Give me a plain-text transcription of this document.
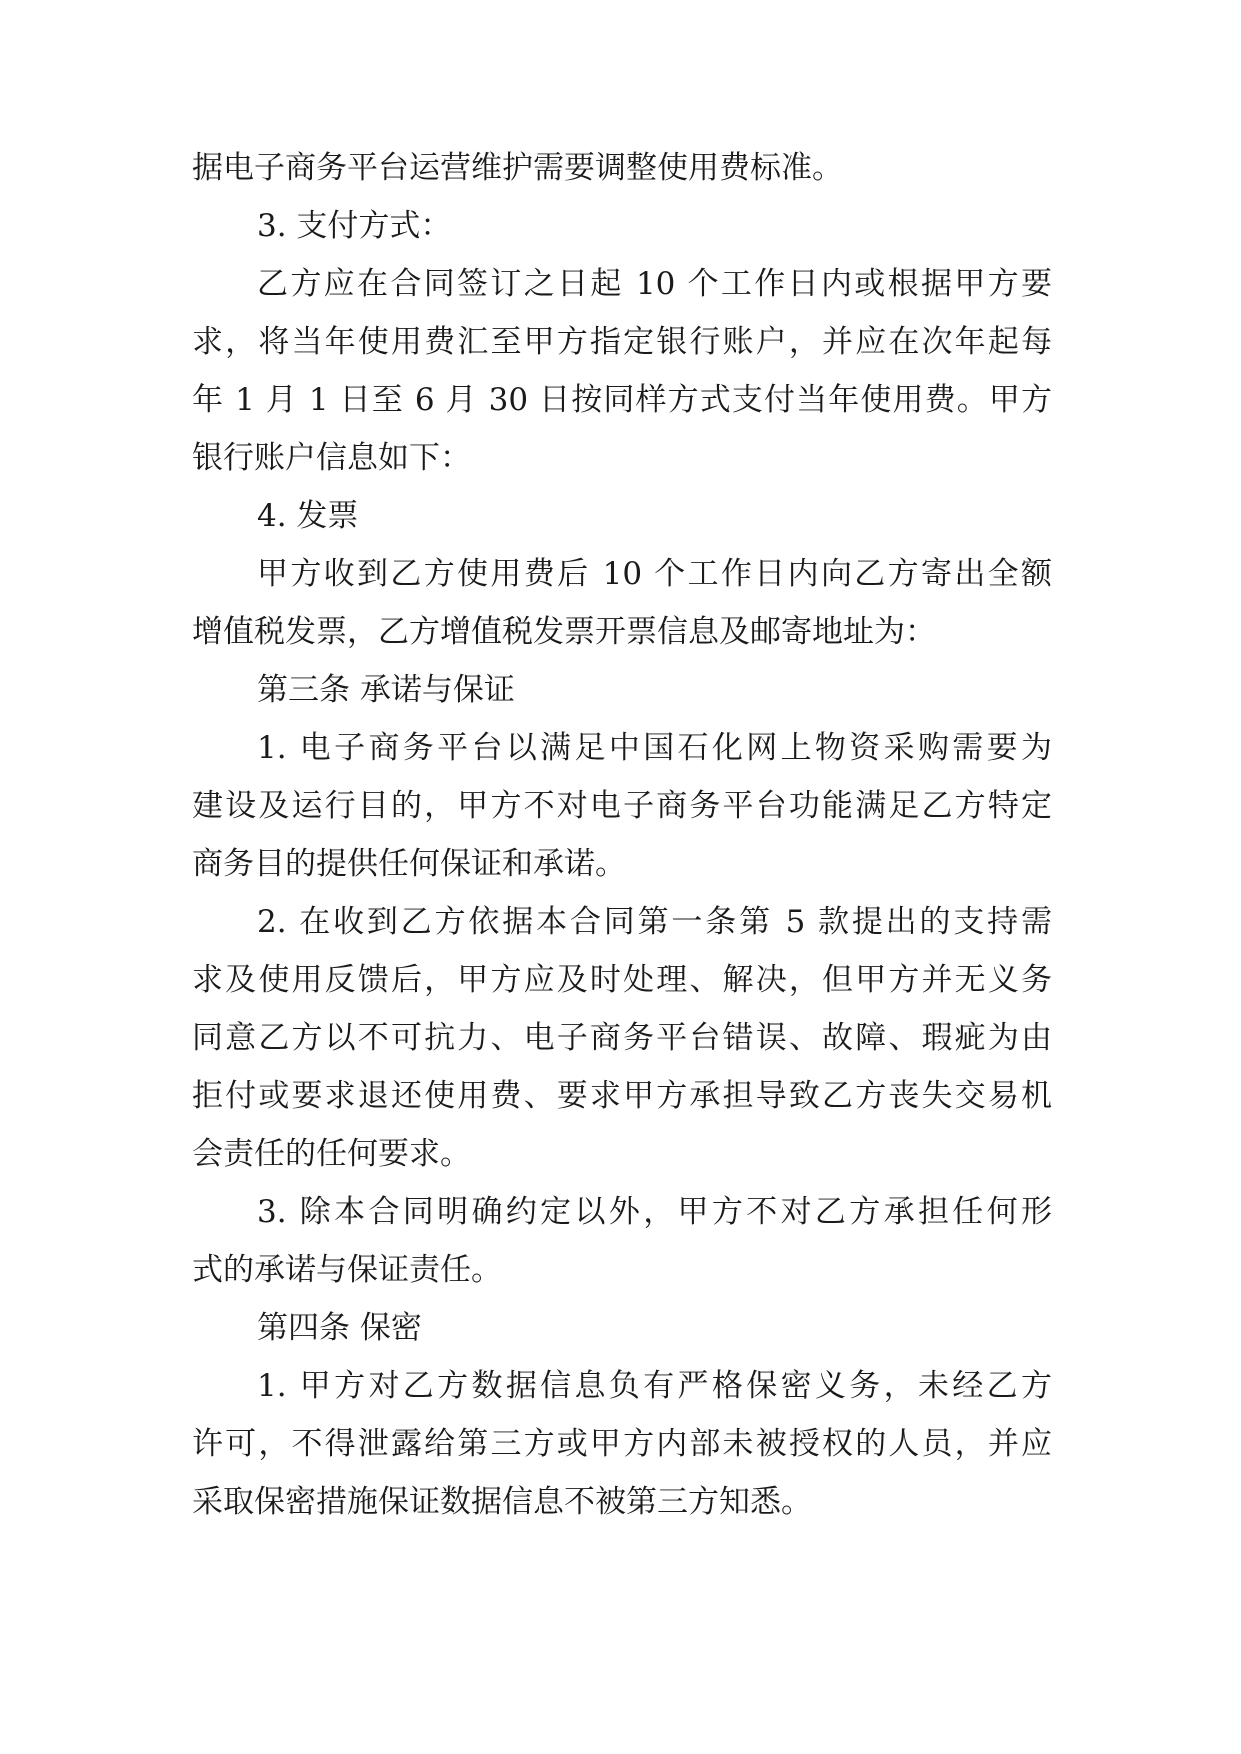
据电子商务平台运营维护需要调整使用费标准。
3. 支付方式：
乙方应在合同签订之日起 10 个工作日内或根据甲方要
求，将当年使用费汇至甲方指定银行账户，并应在次年起每
年 1 月 1 日至 6 月 30 日按同样方式支付当年使用费。甲方
银行账户信息如下：
4. 发票
甲方收到乙方使用费后 10 个工作日内向乙方寄出全额
增值税发票，乙方增值税发票开票信息及邮寄地址为：
第三条 承诺与保证
1. 电子商务平台以满足中国石化网上物资采购需要为
建设及运行目的，甲方不对电子商务平台功能满足乙方特定
商务目的提供任何保证和承诺。
2. 在收到乙方依据本合同第一条第 5 款提出的支持需
求及使用反馈后，甲方应及时处理、解决，但甲方并无义务
同意乙方以不可抗力、电子商务平台错误、故障、瑕疵为由
拒付或要求退还使用费、要求甲方承担导致乙方丧失交易机
会责任的任何要求。
3. 除本合同明确约定以外，甲方不对乙方承担任何形
式的承诺与保证责任。
第四条 保密
1. 甲方对乙方数据信息负有严格保密义务，未经乙方
许可，不得泄露给第三方或甲方内部未被授权的人员，并应
采取保密措施保证数据信息不被第三方知悉。
